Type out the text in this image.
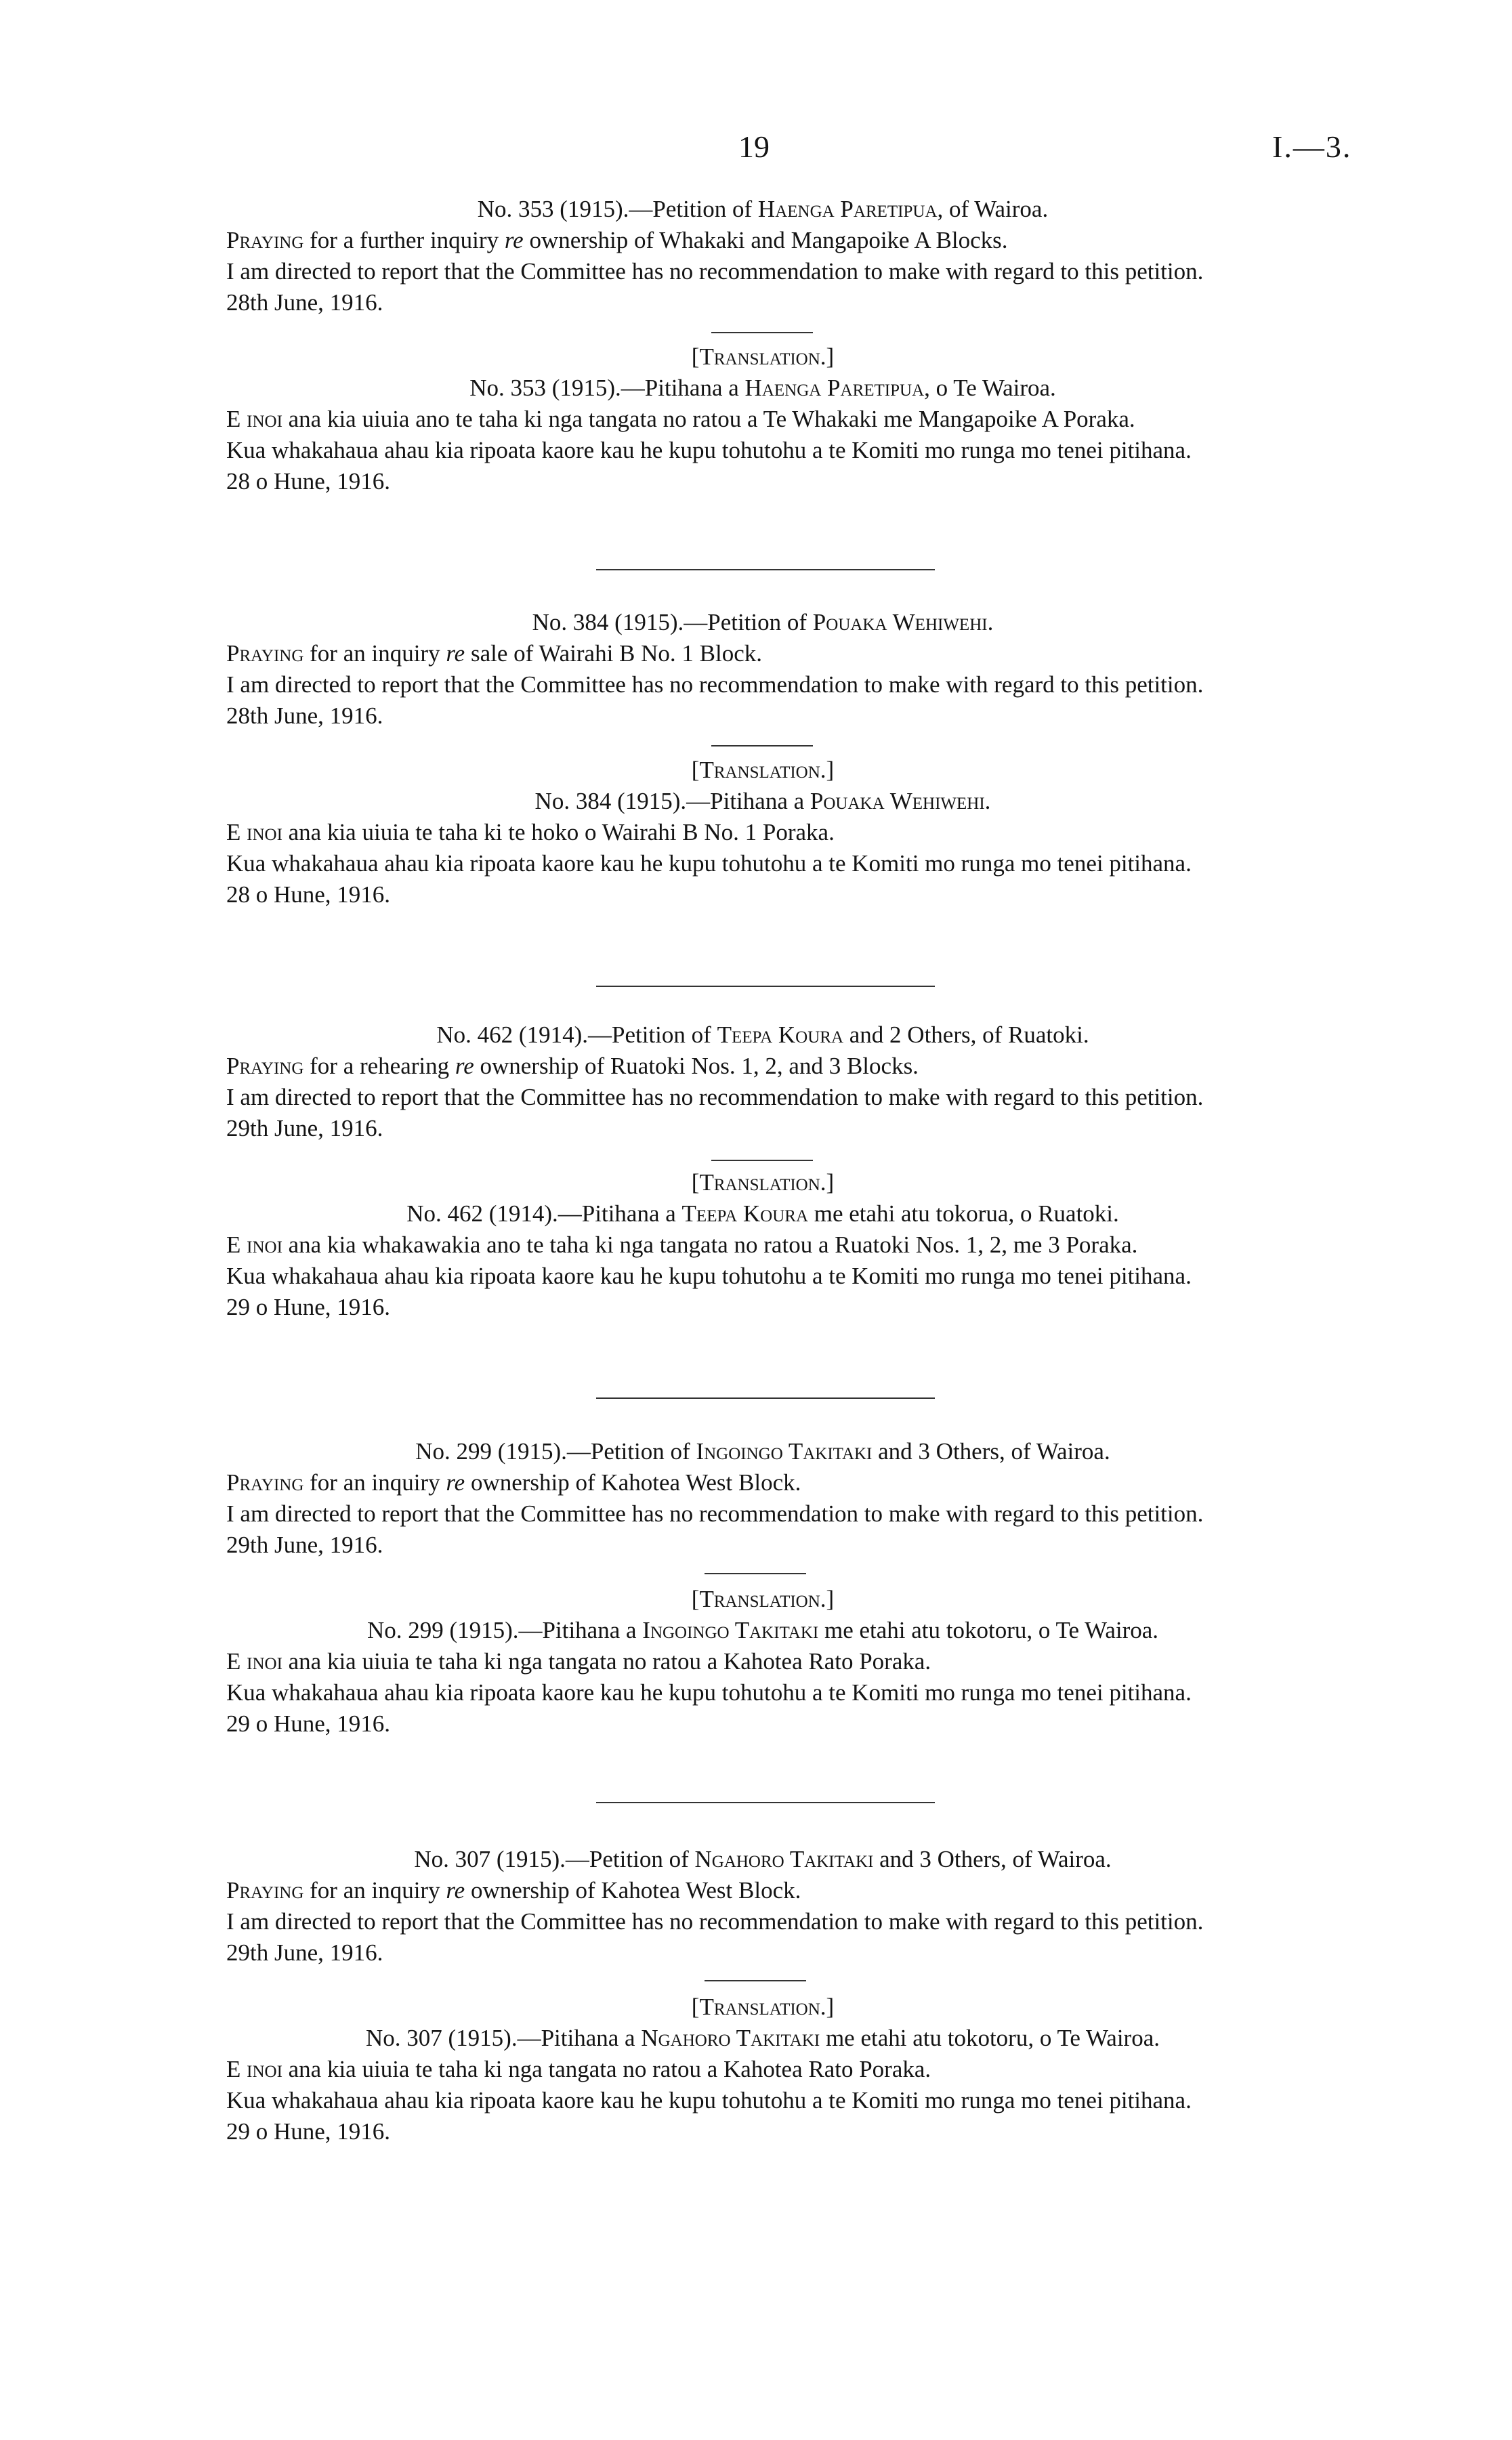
19	I.—3.
No. 353 (1915).—Petition of Haenga Paretipua, of Wairoa.

Praying for a further inquiry re ownership of Whakaki and Mangapoike A Blocks.

I am directed to report that the Committee has no recommendation to make with regard to this petition.

28th June, 1916.
[Translation.]
No. 353 (1915).—Pitihana a Haenga Paretipua, o Te Wairoa.

E inoi ana kia uiuia ano te taha ki nga tangata no ratou a Te Whakaki me Mangapoike A Poraka.

Kua whakahaua ahau kia ripoata kaore kau he kupu tohutohu a te Komiti mo runga mo tenei pitihana.

28 o Hune, 1916.
No. 384 (1915).—Petition of Pouaka Wehiwehi.

Praying for an inquiry re sale of Wairahi B No. 1 Block.

I am directed to report that the Committee has no recommendation to make with regard to this petition.

28th June, 1916.
[Translation.]
No. 384 (1915).—Pitihana a Pouaka Wehiwehi.

E inoi ana kia uiuia te taha ki te hoko o Wairahi B No. 1 Poraka.

Kua whakahaua ahau kia ripoata kaore kau he kupu tohutohu a te Komiti mo runga mo tenei pitihana.

28 o Hune, 1916.
No. 462 (1914).—Petition of Teepa Koura and 2 Others, of Ruatoki.

Praying for a rehearing re ownership of Ruatoki Nos. 1, 2, and 3 Blocks.

I am directed to report that the Committee has no recommendation to make with regard to this petition.

29th June, 1916.
[Translation.]
No. 462 (1914).—Pitihana a Teepa Koura me etahi atu tokorua, o Ruatoki.

E inoi ana kia whakawakia ano te taha ki nga tangata no ratou a Ruatoki Nos. 1, 2, me 3 Poraka.

Kua whakahaua ahau kia ripoata kaore kau he kupu tohutohu a te Komiti mo runga mo tenei pitihana.

29 o Hune, 1916.
No. 299 (1915).—Petition of Ingoingo Takitaki and 3 Others, of Wairoa.

Praying for an inquiry re ownership of Kahotea West Block.

I am directed to report that the Committee has no recommendation to make with regard to this petition.

29th June, 1916.
[Translation.]
No. 299 (1915).—Pitihana a Ingoingo Takitaki me etahi atu tokotoru, o Te Wairoa.

E inoi ana kia uiuia te taha ki nga tangata no ratou a Kahotea Rato Poraka.

Kua whakahaua ahau kia ripoata kaore kau he kupu tohutohu a te Komiti mo runga mo tenei pitihana.

29 o Hune, 1916.
No. 307 (1915).—Petition of Ngahoro Takitaki and 3 Others, of Wairoa.

Praying for an inquiry re ownership of Kahotea West Block.

I am directed to report that the Committee has no recommendation to make with regard to this petition.

29th June, 1916.
[Translation.]
No. 307 (1915).—Pitihana a Ngahoro Takitaki me etahi atu tokotoru, o Te Wairoa.

E inoi ana kia uiuia te taha ki nga tangata no ratou a Kahotea Rato Poraka.

Kua whakahaua ahau kia ripoata kaore kau he kupu tohutohu a te Komiti mo runga mo tenei pitihana.

29 o Hune, 1916.
